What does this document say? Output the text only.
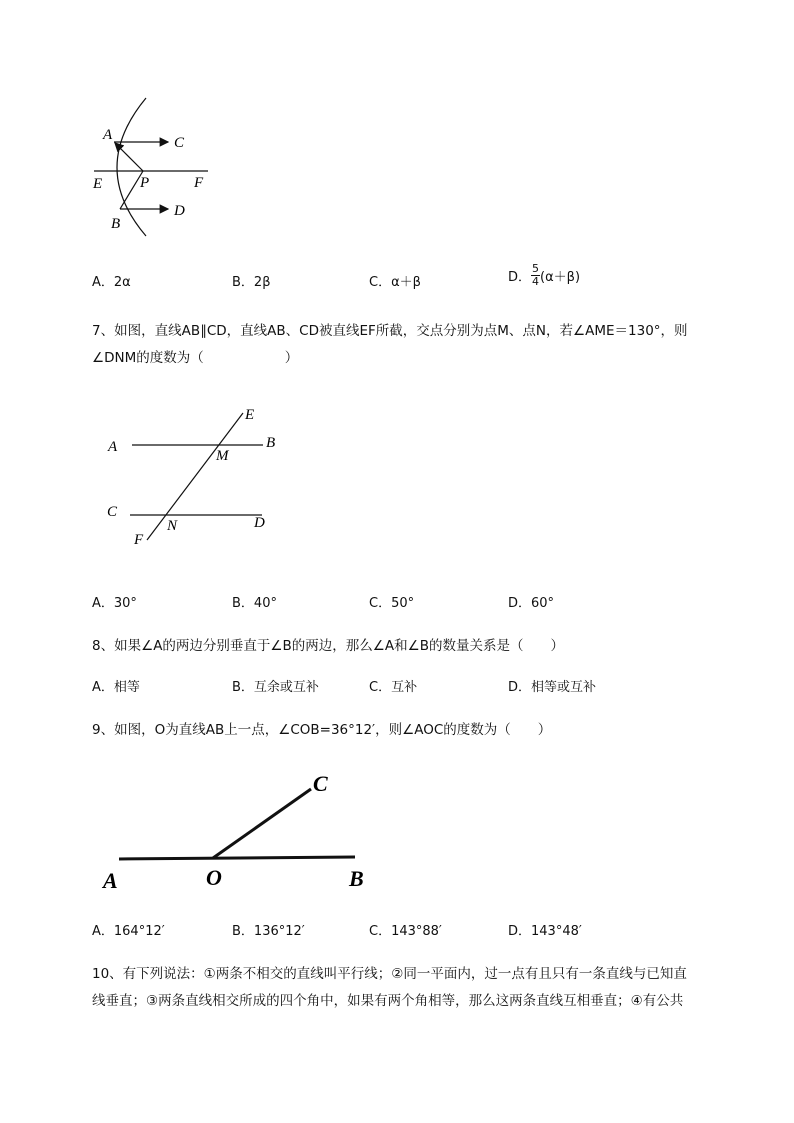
A	C
E	P	F
B
D
A．2α	B．2β	C．α＋β	D． $\frac{5}{4} (\alpha+\beta)$
7、如图，直线AB∥CD，直线AB、CD被直线EF所截，交点分别为点M、点N，若∠AME＝130°，则
∠DNM的度数为（　　　　　　）
E
A	B
M
C
N	D
F
A．30°	B．40°	C．50°	D．60°
8、如果∠A的两边分别垂直于∠B的两边，那么∠A和∠B的数量关系是（　　）
A．相等	B．互余或互补	C．互补	D．相等或互补
9、如图，O为直线AB上一点，∠COB=36°12′，则∠AOC的度数为（　　）
C
A	O	B
A．164°12′	B．136°12′	C．143°88′	D．143°48′
10、有下列说法：①两条不相交的直线叫平行线；②同一平面内，过一点有且只有一条直线与已知直
线垂直；③两条直线相交所成的四个角中，如果有两个角相等，那么这两条直线互相垂直；④有公共
